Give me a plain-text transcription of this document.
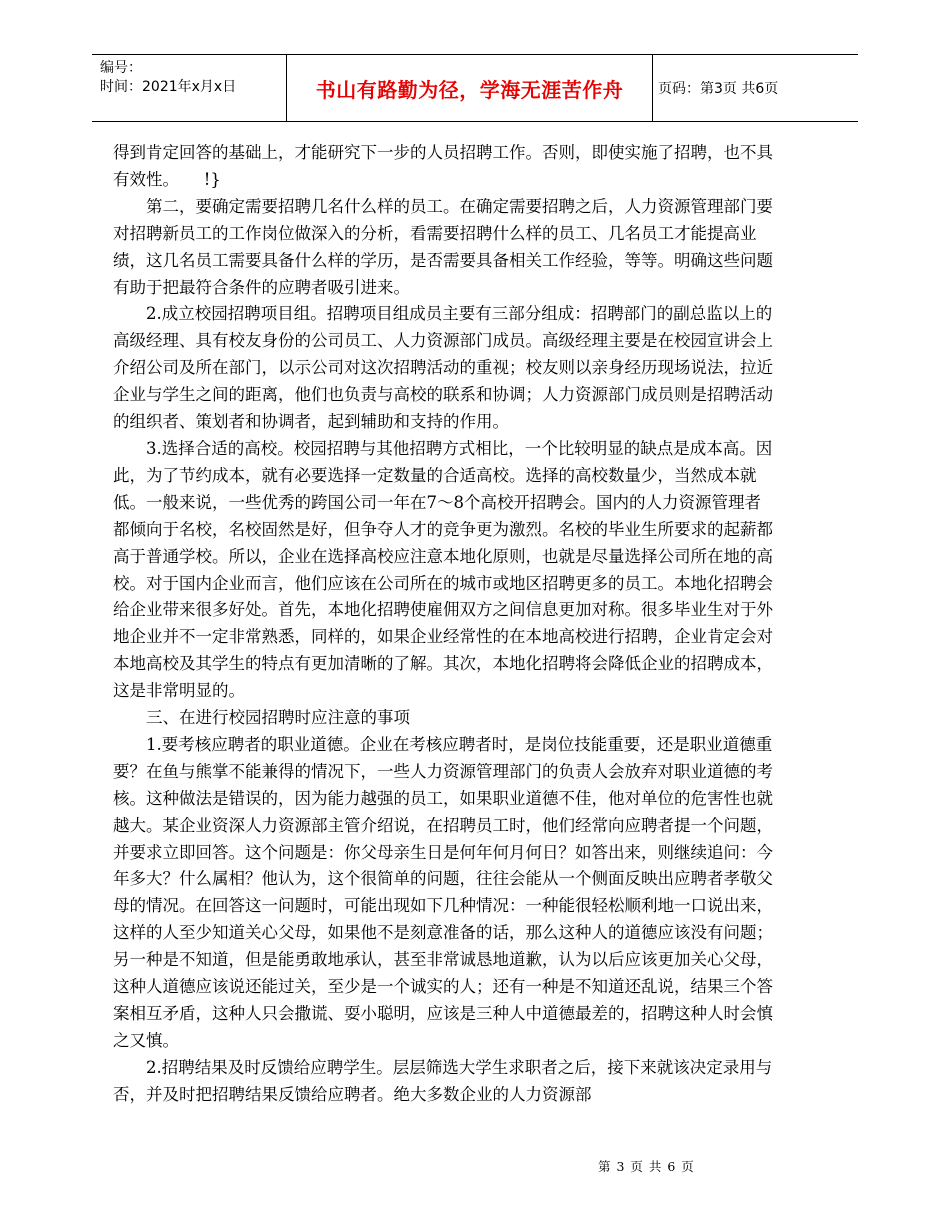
编号：
时间：2021年x月x日	书山有路勤为径，学海无涯苦作舟 页码：第3页 共6页

得到肯定回答的基础上，才能研究下一步的人员招聘工作。否则，即使实施了招聘，也不具有效性。　　!}

第二，要确定需要招聘几名什么样的员工。在确定需要招聘之后，人力资源管理部门要对招聘新员工的工作岗位做深入的分析，看需要招聘什么样的员工、几名员工才能提高业绩，这几名员工需要具备什么样的学历，是否需要具备相关工作经验，等等。明确这些问题有助于把最符合条件的应聘者吸引进来。

2.成立校园招聘项目组。招聘项目组成员主要有三部分组成：招聘部门的副总监以上的高级经理、具有校友身份的公司员工、人力资源部门成员。高级经理主要是在校园宣讲会上介绍公司及所在部门，以示公司对这次招聘活动的重视；校友则以亲身经历现场说法，拉近企业与学生之间的距离，他们也负责与高校的联系和协调；人力资源部门成员则是招聘活动的组织者、策划者和协调者，起到辅助和支持的作用。

3.选择合适的高校。校园招聘与其他招聘方式相比，一个比较明显的缺点是成本高。因此，为了节约成本，就有必要选择一定数量的合适高校。选择的高校数量少，当然成本就低。一般来说，一些优秀的跨国公司一年在7～8个高校开招聘会。国内的人力资源管理者都倾向于名校，名校固然是好，但争夺人才的竞争更为激烈。名校的毕业生所要求的起薪都高于普通学校。所以，企业在选择高校应注意本地化原则，也就是尽量选择公司所在地的高校。对于国内企业而言，他们应该在公司所在的城市或地区招聘更多的员工。本地化招聘会给企业带来很多好处。首先，本地化招聘使雇佣双方之间信息更加对称。很多毕业生对于外地企业并不一定非常熟悉，同样的，如果企业经常性的在本地高校进行招聘，企业肯定会对本地高校及其学生的特点有更加清晰的了解。其次，本地化招聘将会降低企业的招聘成本，这是非常明显的。

三、在进行校园招聘时应注意的事项

1.要考核应聘者的职业道德。企业在考核应聘者时，是岗位技能重要，还是职业道德重要？在鱼与熊掌不能兼得的情况下，一些人力资源管理部门的负责人会放弃对职业道德的考核。这种做法是错误的，因为能力越强的员工，如果职业道德不佳，他对单位的危害性也就越大。某企业资深人力资源部主管介绍说，在招聘员工时，他们经常向应聘者提一个问题，并要求立即回答。这个问题是：你父母亲生日是何年何月何日？如答出来，则继续追问：今年多大？什么属相？他认为，这个很简单的问题，往往会能从一个侧面反映出应聘者孝敬父母的情况。在回答这一问题时，可能出现如下几种情况：一种能很轻松顺利地一口说出来，这样的人至少知道关心父母，如果他不是刻意准备的话，那么这种人的道德应该没有问题；另一种是不知道，但是能勇敢地承认，甚至非常诚恳地道歉，认为以后应该更加关心父母，这种人道德应该说还能过关，至少是一个诚实的人；还有一种是不知道还乱说，结果三个答案相互矛盾，这种人只会撒谎、耍小聪明，应该是三种人中道德最差的，招聘这种人时会慎之又慎。

2.招聘结果及时反馈给应聘学生。层层筛选大学生求职者之后，接下来就该决定录用与否，并及时把招聘结果反馈给应聘者。绝大多数企业的人力资源部

第 3 页 共 6 页
